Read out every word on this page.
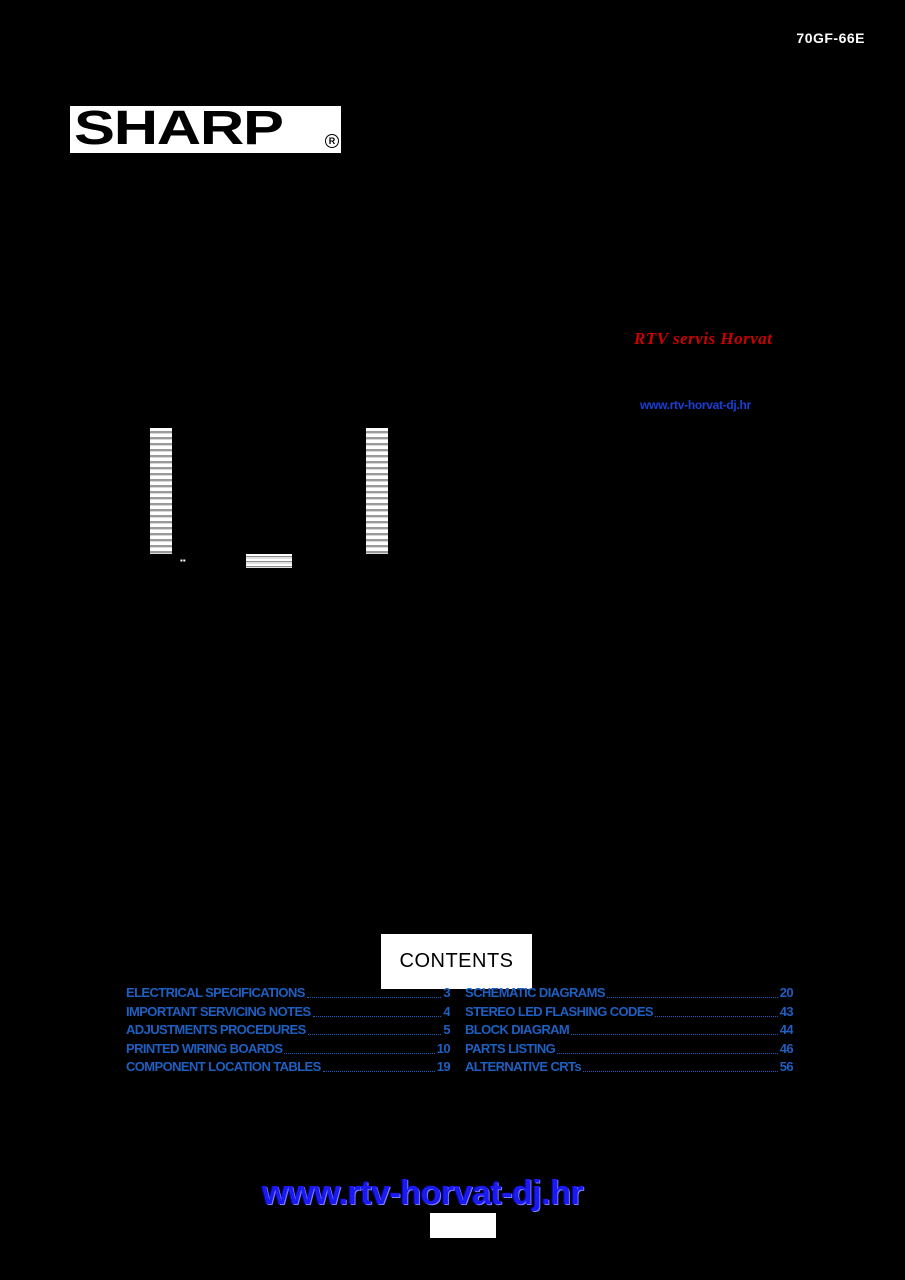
70GF-66E
SHARP	R
RTV servis Horvat
www.rtv-horvat-dj.hr
▪▪
CONTENTS
ELECTRICAL SPECIFICATIONS	3
IMPORTANT SERVICING NOTES	4
ADJUSTMENTS PROCEDURES	5
PRINTED WIRING BOARDS	10
COMPONENT LOCATION TABLES	19
SCHEMATIC DIAGRAMS	20
STEREO LED FLASHING CODES	43
BLOCK DIAGRAM	44
PARTS LISTING	46
ALTERNATIVE CRTs	56
www.rtv-horvat-dj.hr
